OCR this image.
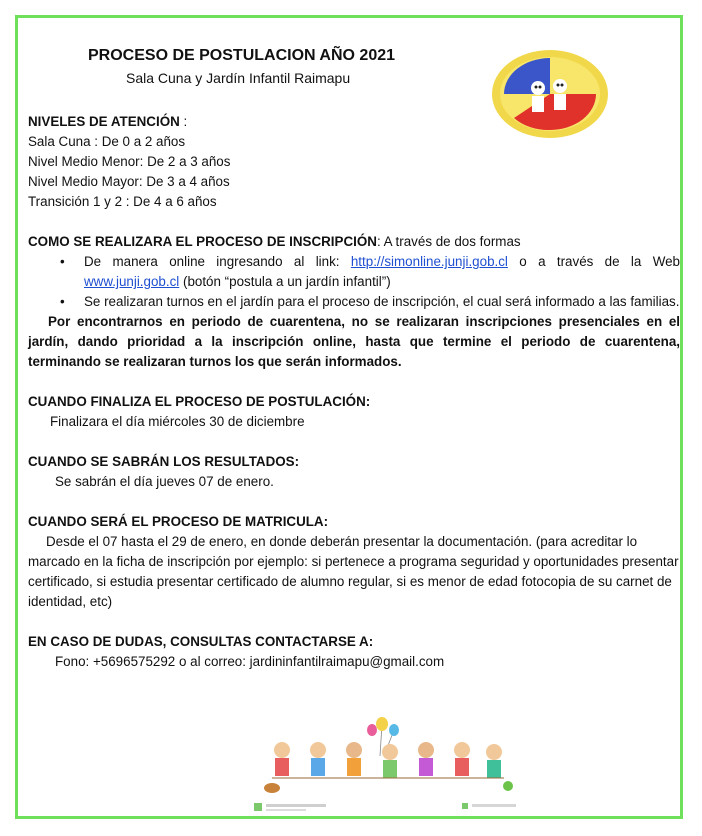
PROCESO DE POSTULACION AÑO 2021
Sala Cuna y Jardín Infantil Raimapu
NIVELES DE ATENCIÓN :
Sala Cuna : De 0 a 2 años
Nivel Medio Menor: De 2 a 3 años
Nivel Medio Mayor: De 3 a 4 años
Transición 1 y 2 : De 4 a 6 años
COMO SE REALIZARA EL PROCESO DE INSCRIPCIÓN: A través de dos formas
• De manera online ingresando al link: http://simonline.junji.gob.cl o a través de la Web www.junji.gob.cl (botón “postula a un jardín infantil”)
• Se realizaran turnos en el jardín para el proceso de inscripción, el cual será informado a las familias.
Por encontrarnos en periodo de cuarentena, no se realizaran inscripciones presenciales en el jardín, dando prioridad a la inscripción online, hasta que termine el periodo de cuarentena, terminando se realizaran turnos los que serán informados.
CUANDO FINALIZA EL PROCESO DE POSTULACIÓN:
Finalizara el día miércoles 30 de diciembre
CUANDO SE SABRÁN LOS RESULTADOS:
Se sabrán el día jueves 07 de enero.
CUANDO SERÁ EL PROCESO DE MATRICULA:
Desde el 07 hasta el 29 de enero, en donde deberán presentar la documentación. (para acreditar lo marcado en la ficha de inscripción por ejemplo: si pertenece a programa seguridad y oportunidades presentar certificado, si estudia presentar certificado de alumno regular, si es menor de edad fotocopia de su carnet de identidad, etc)
EN CASO DE DUDAS, CONSULTAS CONTACTARSE A:
Fono: +5696575292 o al correo: jardininfantilraimapu@gmail.com
